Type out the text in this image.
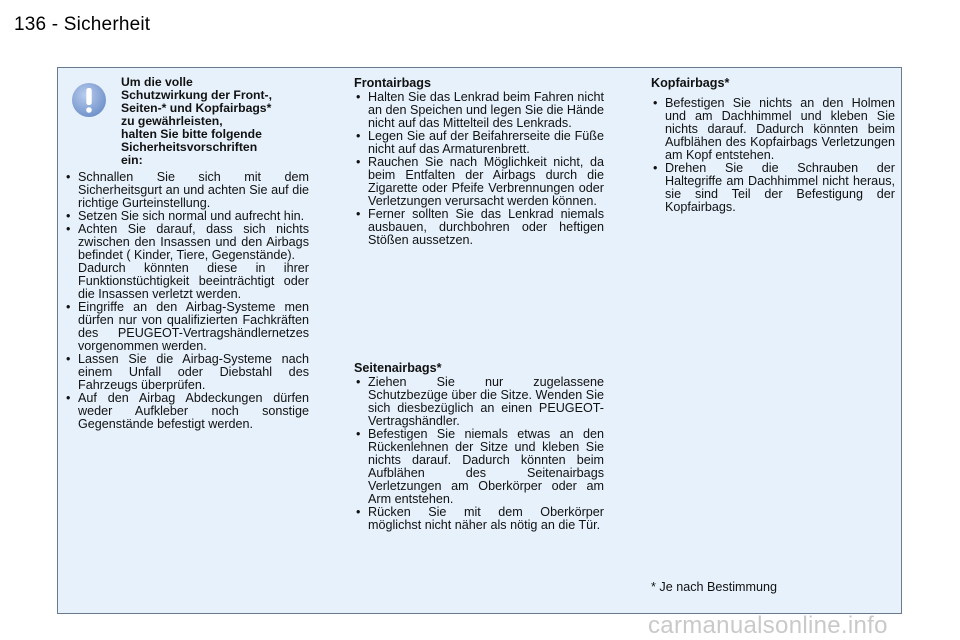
136 - Sicherheit
Um die volle
Schutzwirkung der Front-,
Seiten-* und Kopfairbags*
zu gewährleisten,
halten Sie bitte folgende
Sicherheitsvorschriften
ein:
• Schnallen Sie sich mit dem Sicherheitsgurt an und achten Sie auf die richtige Gurteinstellung.
• Setzen Sie sich normal und aufrecht hin.
• Achten Sie darauf, dass sich nichts zwischen den Insassen und den Airbags befindet ( Kinder, Tiere, Gegenstände).
Dadurch könnten diese in ihrer Funktionstüchtigkeit beeinträchtigt oder die Insassen verletzt werden.
• Eingriffe an den Airbag-Systeme men dürfen nur von qualifizierten Fachkräften des PEUGEOT-Vertragshändlernetzes vorgenommen werden.
• Lassen Sie die Airbag-Systeme nach einem Unfall oder Diebstahl des Fahrzeugs überprüfen.
• Auf den Airbag Abdeckungen dürfen weder Aufkleber noch sonstige Gegenstände befestigt werden.
Frontairbags
• Halten Sie das Lenkrad beim Fahren nicht an den Speichen und legen Sie die Hände nicht auf das Mittelteil des Lenkrads.
• Legen Sie auf der Beifahrerseite die Füße nicht auf das Armaturenbrett.
• Rauchen Sie nach Möglichkeit nicht, da beim Entfalten der Airbags durch die Zigarette oder Pfeife Verbrennungen oder Verletzungen verursacht werden können.
• Ferner sollten Sie das Lenkrad niemals ausbauen, durchbohren oder heftigen Stößen aussetzen.
Seitenairbags*
• Ziehen Sie nur zugelassene Schutzbezüge über die Sitze. Wenden Sie sich diesbezüglich an einen PEUGEOT-Vertragshändler.
• Befestigen Sie niemals etwas an den Rückenlehnen der Sitze und kleben Sie nichts darauf. Dadurch könnten beim Aufblähen des Seitenairbags Verletzungen am Oberkörper oder am Arm entstehen.
• Rücken Sie mit dem Oberkörper möglichst nicht näher als nötig an die Tür.
Kopfairbags*
• Befestigen Sie nichts an den Holmen und am Dachhimmel und kleben Sie nichts darauf. Dadurch könnten beim Aufblähen des Kopfairbags Verletzungen am Kopf entstehen.
• Drehen Sie die Schrauben der Haltegriffe am Dachhimmel nicht heraus, sie sind Teil der Befestigung der Kopfairbags.
* Je nach Bestimmung
carmanualsonline.info
